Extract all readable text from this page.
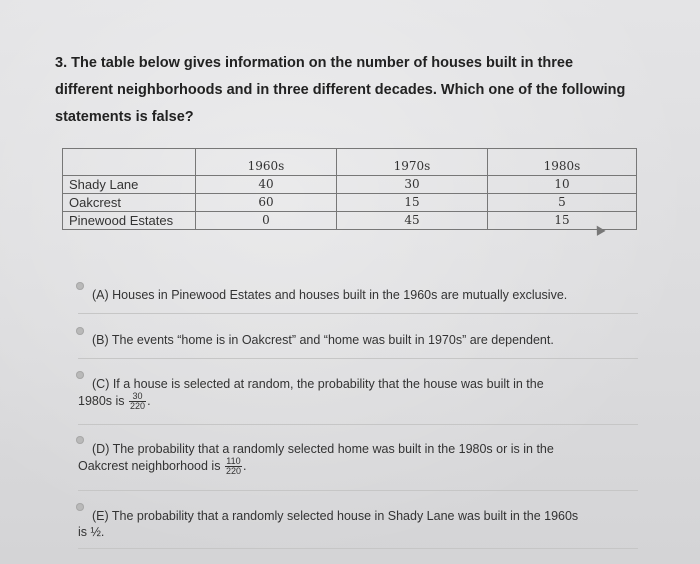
3. The table below gives information on the number of houses built in three different neighborhoods and in three different decades. Which one of the following statements is false?
	1960s	1970s	1980s
Shady Lane	40	30	10
Oakcrest	60	15	5
Pinewood Estates	0	45	15
(A) Houses in Pinewood Estates and houses built in the 1960s are mutually exclusive.
(B) The events “home is in Oakcrest” and “home was built in 1970s” are dependent.
(C) If a house is selected at random, the probability that the house was built in the
1980s is $\frac{30}{220}$ .
(D) The probability that a randomly selected home was built in the 1980s or is in the
Oakcrest neighborhood is $\frac{110}{220}$ .
(E) The probability that a randomly selected house in Shady Lane was built in the 1960s
is ½.
